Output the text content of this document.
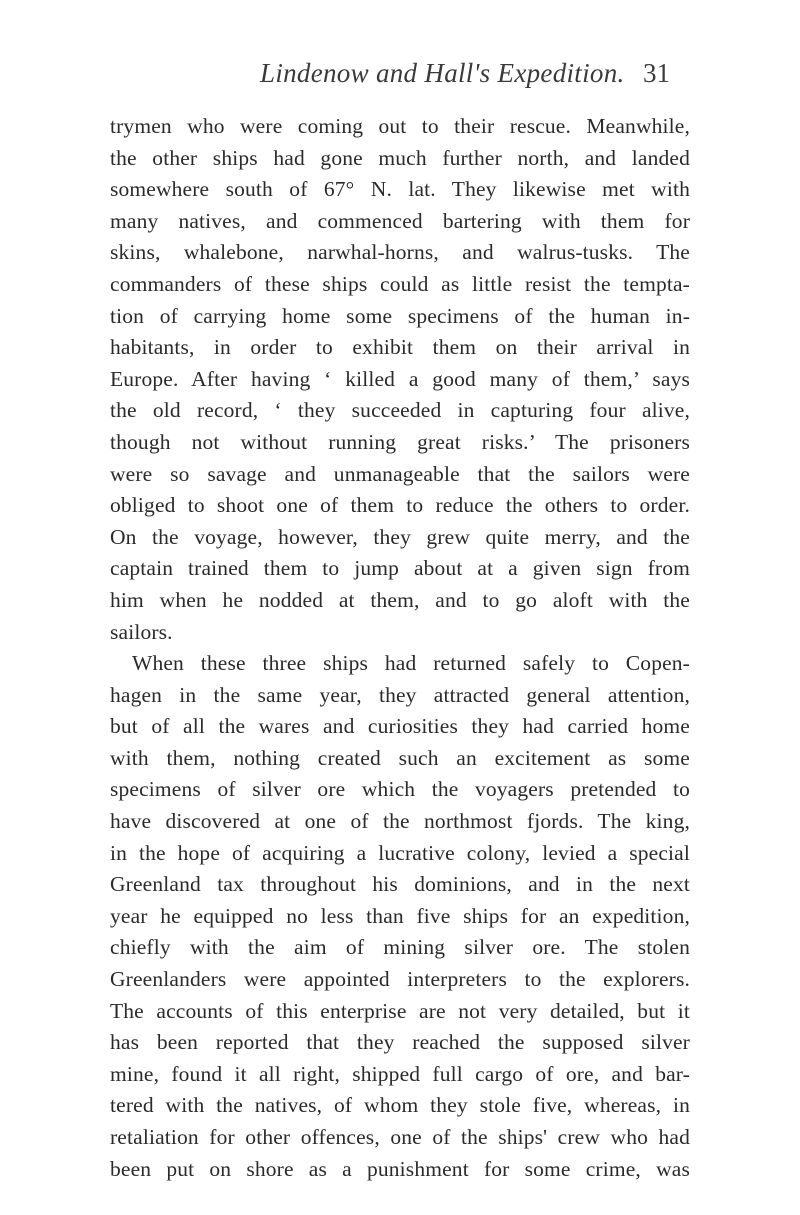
Lindenow and Hall's Expedition. 31
trymen who were coming out to their rescue. Meanwhile,
the other ships had gone much further north, and landed
somewhere south of 67° N. lat. They likewise met with
many natives, and commenced bartering with them for
skins, whalebone, narwhal-horns, and walrus-tusks. The
commanders of these ships could as little resist the tempta-
tion of carrying home some specimens of the human in-
habitants, in order to exhibit them on their arrival in
Europe. After having ‘ killed a good many of them,’ says
the old record, ‘ they succeeded in capturing four alive,
though not without running great risks.’ The prisoners
were so savage and unmanageable that the sailors were
obliged to shoot one of them to reduce the others to order.
On the voyage, however, they grew quite merry, and the
captain trained them to jump about at a given sign from
him when he nodded at them, and to go aloft with the
sailors.
When these three ships had returned safely to Copen-
hagen in the same year, they attracted general attention,
but of all the wares and curiosities they had carried home
with them, nothing created such an excitement as some
specimens of silver ore which the voyagers pretended to
have discovered at one of the northmost fjords. The king,
in the hope of acquiring a lucrative colony, levied a special
Greenland tax throughout his dominions, and in the next
year he equipped no less than five ships for an expedition,
chiefly with the aim of mining silver ore. The stolen
Greenlanders were appointed interpreters to the explorers.
The accounts of this enterprise are not very detailed, but it
has been reported that they reached the supposed silver
mine, found it all right, shipped full cargo of ore, and bar-
tered with the natives, of whom they stole five, whereas, in
retaliation for other offences, one of the ships' crew who had
been put on shore as a punishment for some crime, was
